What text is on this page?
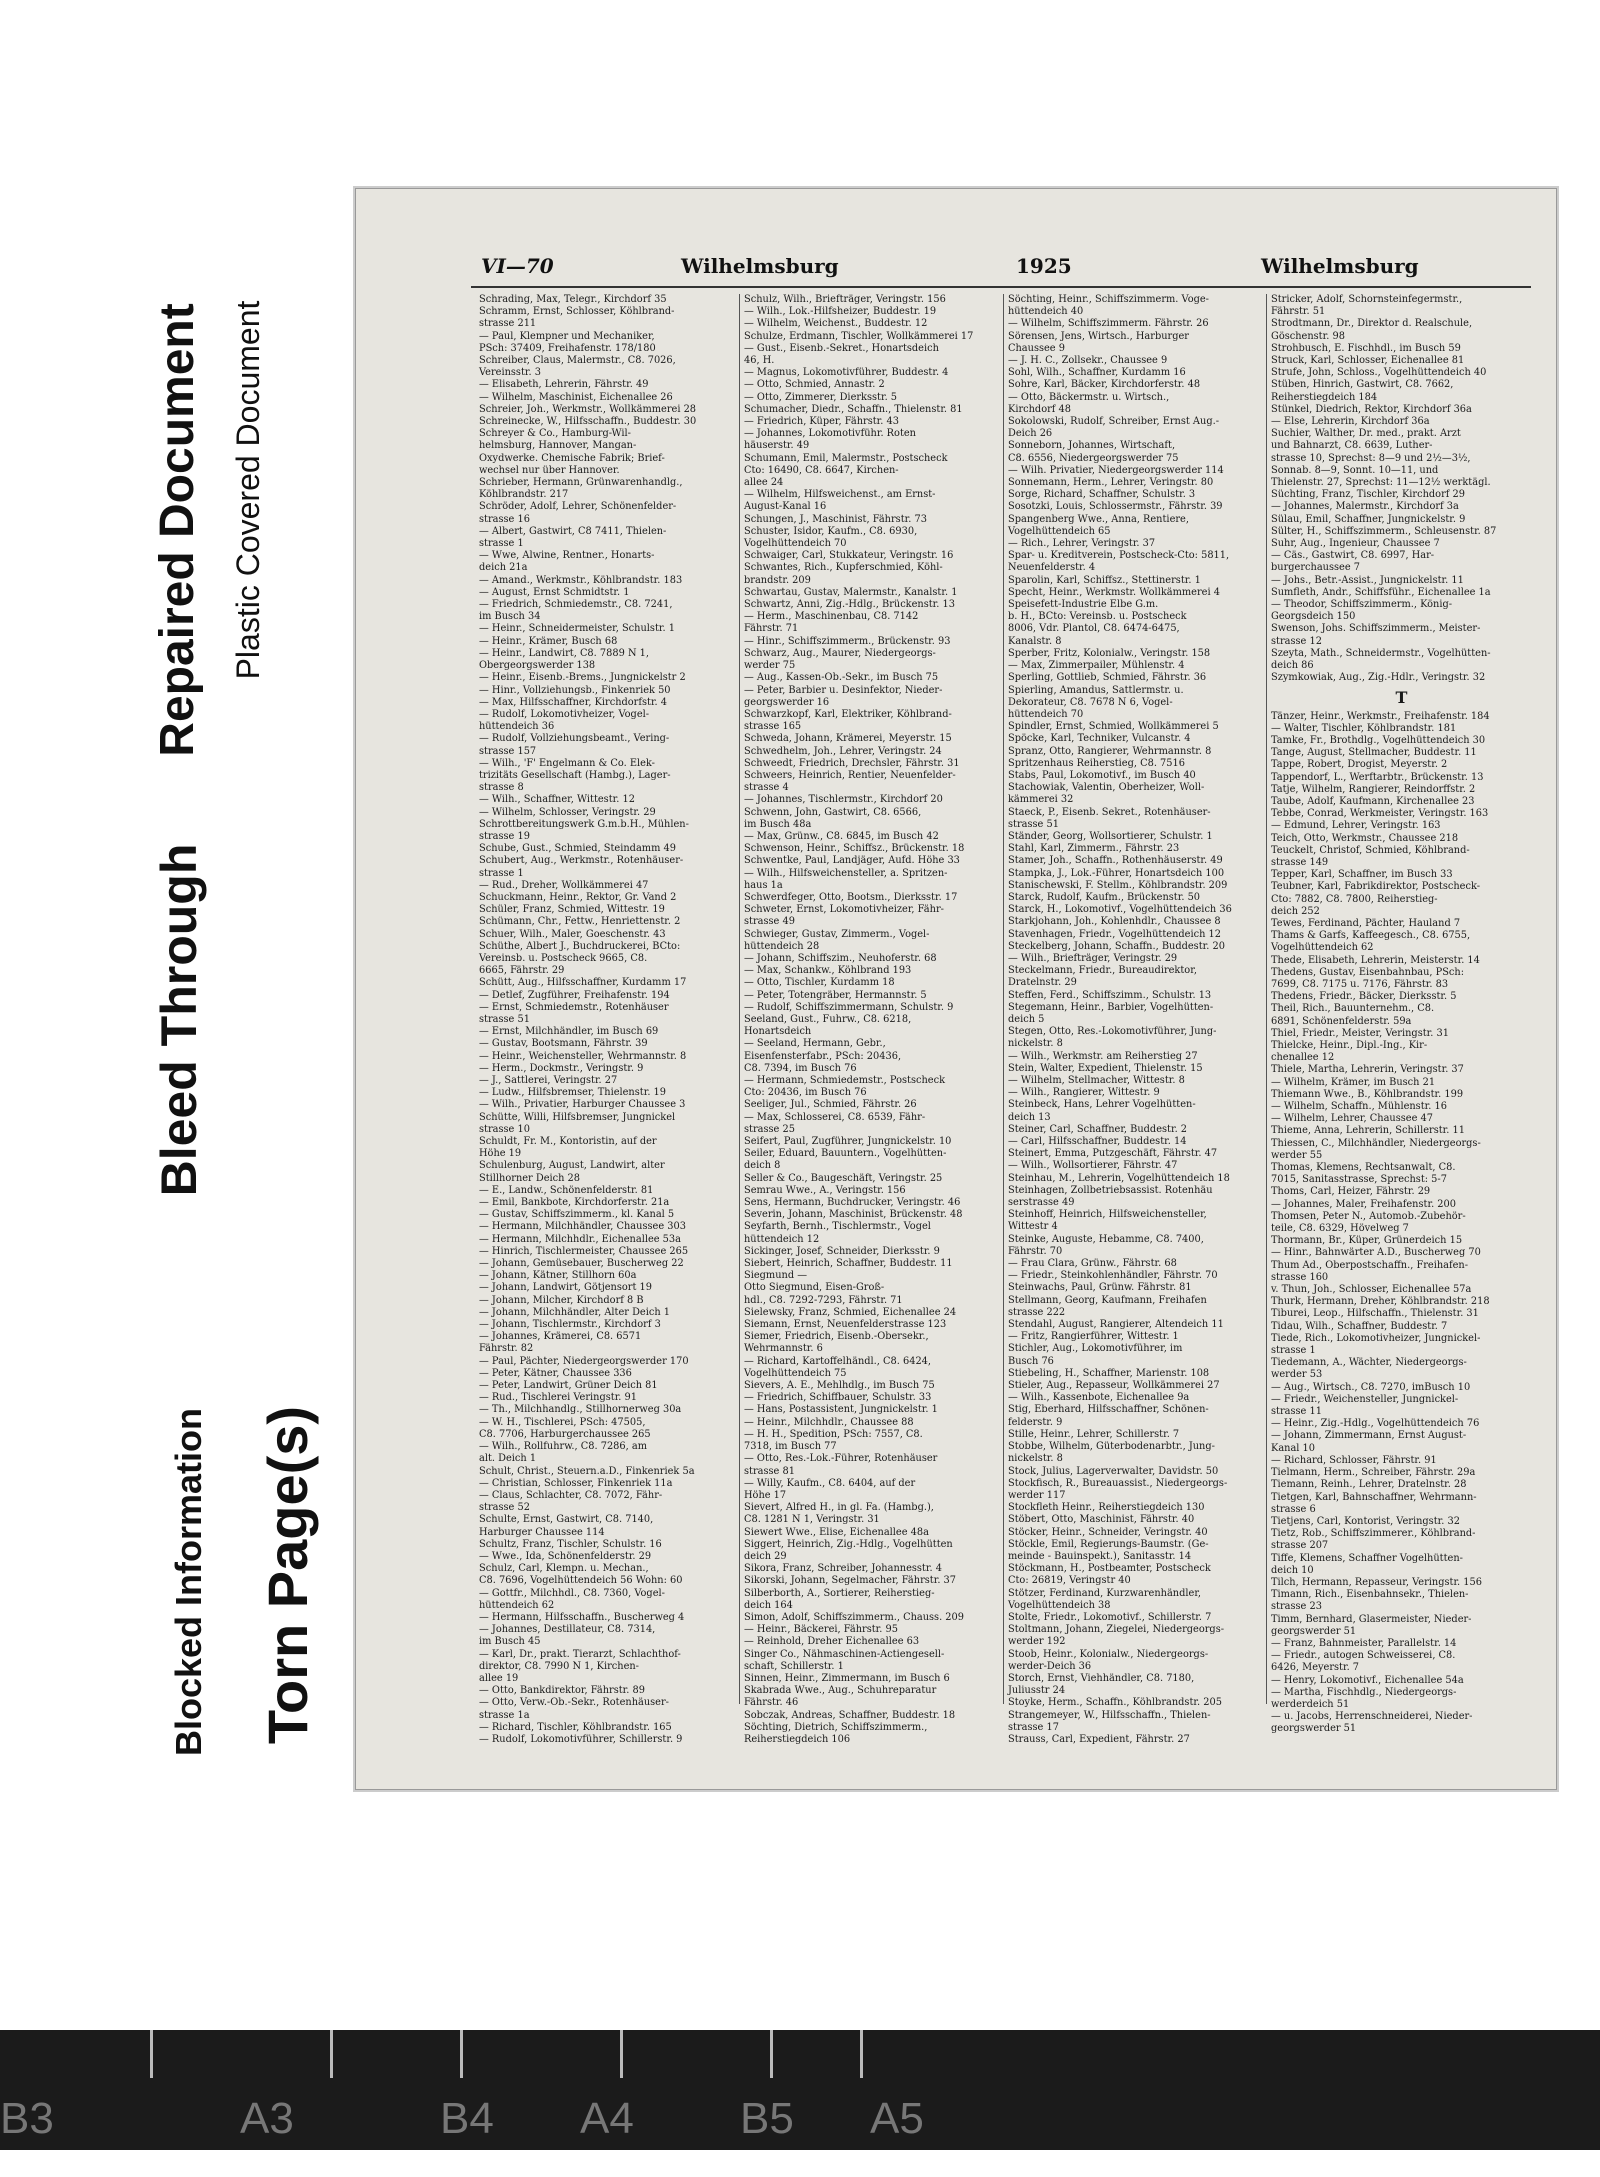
Repaired Document Plastic Covered Document
Bleed Through
Blocked Information Torn Page(s)
VI—70	Wilhelmsburg	1925	Wilhelmsburg

Schrading, Max, Telegr., Kirchdorf 35

Schramm, Ernst, Schlosser, Köhlbrand-

strasse 211

— Paul, Klempner und Mechaniker,

PSch: 37409, Freihafenstr. 178/180

Schreiber, Claus, Malermstr., C8. 7026,

Vereinsstr. 3

— Elisabeth, Lehrerin, Fährstr. 49

— Wilhelm, Maschinist, Eichenallee 26

Schreier, Joh., Werkmstr., Wollkämmerei 28

Schreinecke, W., Hilfsschaffn., Buddestr. 30

Schreyer & Co., Hamburg-Wil-

helmsburg, Hannover, Mangan-

Oxydwerke. Chemische Fabrik; Brief-

wechsel nur über Hannover.

Schrieber, Hermann, Grünwarenhandlg.,

Köhlbrandstr. 217

Schröder, Adolf, Lehrer, Schönenfelder-

strasse 16

— Albert, Gastwirt, C8 7411, Thielen-

strasse 1

— Wwe, Alwine, Rentner., Honarts-

deich 21a

— Amand., Werkmstr., Köhlbrandstr. 183

— August, Ernst Schmidtstr. 1

— Friedrich, Schmiedemstr., C8. 7241,

im Busch 34

— Heinr., Schneidermeister, Schulstr. 1

— Heinr., Krämer, Busch 68

— Heinr., Landwirt, C8. 7889 N 1,

Obergeorgswerder 138

— Heinr., Eisenb.-Brems., Jungnickelstr 2

— Hinr., Vollziehungsb., Finkenriek 50

— Max, Hilfsschaffner, Kirchdorfstr. 4

— Rudolf, Lokomotivheizer, Vogel-

hüttendeich 36

— Rudolf, Vollziehungsbeamt., Vering-

strasse 157

— Wilh., 'F' Engelmann & Co. Elek-

trizitäts Gesellschaft (Hambg.), Lager-

strasse 8

— Wilh., Schaffner, Wittestr. 12

— Wilhelm, Schlosser, Veringstr. 29

Schrottbereitungswerk G.m.b.H., Mühlen-

strasse 19

Schube, Gust., Schmied, Steindamm 49

Schubert, Aug., Werkmstr., Rotenhäuser-

strasse 1

— Rud., Dreher, Wollkämmerei 47

Schuckmann, Heinr., Rektor, Gr. Vand 2

Schüler, Franz, Schmied, Wittestr. 19

Schümann, Chr., Fettw., Henriettenstr. 2

Schuer, Wilh., Maler, Goeschenstr. 43

Schüthe, Albert J., Buchdruckerei, BCto:

Vereinsb. u. Postscheck 9665, C8.

6665, Fährstr. 29

Schütt, Aug., Hilfsschaffner, Kurdamm 17

— Detlef, Zugführer, Freihafenstr. 194

— Ernst, Schmiedemstr., Rotenhäuser

strasse 51

— Ernst, Milchhändler, im Busch 69

— Gustav, Bootsmann, Fährstr. 39

— Heinr., Weichensteller, Wehrmannstr. 8

— Herm., Dockmstr., Veringstr. 9

— J., Sattlerei, Veringstr. 27

— Ludw., Hilfsbremser, Thielenstr. 19

— Wilh., Privatier, Harburger Chaussee 3

Schütte, Willi, Hilfsbremser, Jungnickel

strasse 10

Schuldt, Fr. M., Kontoristin, auf der

Höhe 19

Schulenburg, August, Landwirt, alter

Stillhorner Deich 28

— E., Landw., Schönenfelderstr. 81

— Emil, Bankbote, Kirchdorferstr. 21a

— Gustav, Schiffszimmerm., kl. Kanal 5

— Hermann, Milchhändler, Chaussee 303

— Hermann, Milchhdlr., Eichenallee 53a

— Hinrich, Tischlermeister, Chaussee 265

— Johann, Gemüsebauer, Buscherweg 22

— Johann, Kätner, Stillhorn 60a

— Johann, Landwirt, Götjensort 19

— Johann, Milcher, Kirchdorf 8 B

— Johann, Milchhändler, Alter Deich 1

— Johann, Tischlermstr., Kirchdorf 3

— Johannes, Krämerei, C8. 6571

Fährstr. 82

— Paul, Pächter, Niedergeorgswerder 170

— Peter, Kätner, Chaussee 336

— Peter, Landwirt, Grüner Deich 81

— Rud., Tischlerei Veringstr. 91

— Th., Milchhandlg., Stillhornerweg 30a

— W. H., Tischlerei, PSch: 47505,

C8. 7706, Harburgerchaussee 265

— Wilh., Rollfuhrw., C8. 7286, am

alt. Deich 1

Schult, Christ., Steuern.a.D., Finkenriek 5a

— Christian, Schlosser, Finkenriek 11a

— Claus, Schlachter, C8. 7072, Fähr-

strasse 52

Schulte, Ernst, Gastwirt, C8. 7140,

Harburger Chaussee 114

Schultz, Franz, Tischler, Schulstr. 16

— Wwe., Ida, Schönenfelderstr. 29

Schulz, Carl, Klempn. u. Mechan.,

C8. 7696, Vogelhüttendeich 56 Wohn: 60

— Gottfr., Milchhdl., C8. 7360, Vogel-

hüttendeich 62

— Hermann, Hilfsschaffn., Buscherweg 4

— Johannes, Destillateur, C8. 7314,

im Busch 45

— Karl, Dr., prakt. Tierarzt, Schlachthof-

direktor, C8. 7990 N 1, Kirchen-

allee 19

— Otto, Bankdirektor, Fährstr. 89

— Otto, Verw.-Ob.-Sekr., Rotenhäuser-

strasse 1a

— Richard, Tischler, Köhlbrandstr. 165

— Rudolf, Lokomotivführer, Schillerstr. 9

Schulz, Wilh., Briefträger, Veringstr. 156

— Wilh., Lok.-Hilfsheizer, Buddestr. 19

— Wilhelm, Weichenst., Buddestr. 12

Schulze, Erdmann, Tischler, Wollkämmerei 17

— Gust., Eisenb.-Sekret., Honartsdeich

46, H.

— Magnus, Lokomotivführer, Buddestr. 4

— Otto, Schmied, Annastr. 2

— Otto, Zimmerer, Dierksstr. 5

Schumacher, Diedr., Schaffn., Thielenstr. 81

— Friedrich, Küper, Fährstr. 43

— Johannes, Lokomotivführ. Roten

häuserstr. 49

Schumann, Emil, Malermstr., Postscheck

Cto: 16490, C8. 6647, Kirchen-

allee 24

— Wilhelm, Hilfsweichenst., am Ernst-

August-Kanal 16

Schungen, J., Maschinist, Fährstr. 73

Schuster, Isidor, Kaufm., C8. 6930,

Vogelhüttendeich 70

Schwaiger, Carl, Stukkateur, Veringstr. 16

Schwantes, Rich., Kupferschmied, Köhl-

brandstr. 209

Schwartau, Gustav, Malermstr., Kanalstr. 1

Schwartz, Anni, Zig.-Hdlg., Brückenstr. 13

— Herm., Maschinenbau, C8. 7142

Fährstr. 71

— Hinr., Schiffszimmerm., Brückenstr. 93

Schwarz, Aug., Maurer, Niedergeorgs-

werder 75

— Aug., Kassen-Ob.-Sekr., im Busch 75

— Peter, Barbier u. Desinfektor, Nieder-

georgswerder 16

Schwarzkopf, Karl, Elektriker, Köhlbrand-

strasse 165

Schweda, Johann, Krämerei, Meyerstr. 15

Schwedhelm, Joh., Lehrer, Veringstr. 24

Schweedt, Friedrich, Drechsler, Fährstr. 31

Schweers, Heinrich, Rentier, Neuenfelder-

strasse 4

— Johannes, Tischlermstr., Kirchdorf 20

Schwenn, John, Gastwirt, C8. 6566,

im Busch 48a

— Max, Grünw., C8. 6845, im Busch 42

Schwenson, Heinr., Schiffsz., Brückenstr. 18

Schwentke, Paul, Landjäger, Aufd. Höhe 33

— Wilh., Hilfsweichensteller, a. Spritzen-

haus 1a

Schwerdfeger, Otto, Bootsm., Dierksstr. 17

Schweter, Ernst, Lokomotivheizer, Fähr-

strasse 49

Schwieger, Gustav, Zimmerm., Vogel-

hüttendeich 28

— Johann, Schiffszim., Neuhoferstr. 68

— Max, Schankw., Köhlbrand 193

— Otto, Tischler, Kurdamm 18

— Peter, Totengräber, Hermannstr. 5

— Rudolf, Schiffszimmermann, Schulstr. 9

Seeland, Gust., Fuhrw., C8. 6218,

Honartsdeich

— Seeland, Hermann, Gebr.,

Eisenfensterfabr., PSch: 20436,

C8. 7394, im Busch 76

— Hermann, Schmiedemstr., Postscheck

Cto: 20436, im Busch 76

Seeliger, Jul., Schmied, Fährstr. 26

— Max, Schlosserei, C8. 6539, Fähr-

strasse 25

Seifert, Paul, Zugführer, Jungnickelstr. 10

Seiler, Eduard, Bauuntern., Vogelhütten-

deich 8

Seller & Co., Baugeschäft, Veringstr. 25

Semrau Wwe., A., Veringstr. 156

Sens, Hermann, Buchdrucker, Veringstr. 46

Severin, Johann, Maschinist, Brückenstr. 48

Seyfarth, Bernh., Tischlermstr., Vogel

hüttendeich 12

Sickinger, Josef, Schneider, Dierksstr. 9

Siebert, Heinrich, Schaffner, Buddestr. 11

Siegmund —

Otto Siegmund, Eisen-Groß-

hdl., C8. 7292-7293, Fährstr. 71

Sielewsky, Franz, Schmied, Eichenallee 24

Siemann, Ernst, Neuenfelderstrasse 123

Siemer, Friedrich, Eisenb.-Obersekr.,

Wehrmannstr. 6

— Richard, Kartoffelhändl., C8. 6424,

Vogelhüttendeich 75

Sievers, A. E., Mehlhdlg., im Busch 75

— Friedrich, Schiffbauer, Schulstr. 33

— Hans, Postassistent, Jungnickelstr. 1

— Heinr., Milchhdlr., Chaussee 88

— H. H., Spedition, PSch: 7557, C8.

7318, im Busch 77

— Otto, Res.-Lok.-Führer, Rotenhäuser

strasse 81

— Willy, Kaufm., C8. 6404, auf der

Höhe 17

Sievert, Alfred H., in gl. Fa. (Hambg.),

C8. 1281 N 1, Veringstr. 31

Siewert Wwe., Elise, Eichenallee 48a

Siggert, Heinrich, Zig.-Hdlg., Vogelhütten

deich 29

Sikora, Franz, Schreiber, Johannesstr. 4

Sikorski, Johann, Segelmacher, Fährstr. 37

Silberborth, A., Sortierer, Reiherstieg-

deich 164

Simon, Adolf, Schiffszimmerm., Chauss. 209

— Heinr., Bäckerei, Fährstr. 95

— Reinhold, Dreher Eichenallee 63

Singer Co., Nähmaschinen-Actiengesell-

schaft, Schillerstr. 1

Sinnen, Heinr., Zimmermann, im Busch 6

Skabrada Wwe., Aug., Schuhreparatur

Fährstr. 46

Sobczak, Andreas, Schaffner, Buddestr. 18

Söchting, Dietrich, Schiffszimmerm.,

Reiherstiegdeich 106

Söchting, Heinr., Schiffszimmerm. Voge-

hüttendeich 40

— Wilhelm, Schiffszimmerm. Fährstr. 26

Sörensen, Jens, Wirtsch., Harburger

Chaussee 9

— J. H. C., Zollsekr., Chaussee 9

Sohl, Wilh., Schaffner, Kurdamm 16

Sohre, Karl, Bäcker, Kirchdorferstr. 48

— Otto, Bäckermstr. u. Wirtsch.,

Kirchdorf 48

Sokolowski, Rudolf, Schreiber, Ernst Aug.-

Deich 26

Sonneborn, Johannes, Wirtschaft,

C8. 6556, Niedergeorgswerder 75

— Wilh. Privatier, Niedergeorgswerder 114

Sonnemann, Herm., Lehrer, Veringstr. 80

Sorge, Richard, Schaffner, Schulstr. 3

Sosotzki, Louis, Schlossermstr., Fährstr. 39

Spangenberg Wwe., Anna, Rentiere,

Vogelhüttendeich 65

— Rich., Lehrer, Veringstr. 37

Spar- u. Kreditverein, Postscheck-Cto: 5811,

Neuenfelderstr. 4

Sparolin, Karl, Schiffsz., Stettinerstr. 1

Specht, Heinr., Werkmstr. Wollkämmerei 4

Speisefett-Industrie Elbe G.m.

b. H., BCto: Vereinsb. u. Postscheck

8006, Vdr. Plantol, C8. 6474-6475,

Kanalstr. 8

Sperber, Fritz, Kolonialw., Veringstr. 158

— Max, Zimmerpailer, Mühlenstr. 4

Sperling, Gottlieb, Schmied, Fährstr. 36

Spierling, Amandus, Sattlermstr. u.

Dekorateur, C8. 7678 N 6, Vogel-

hüttendeich 70

Spindler, Ernst, Schmied, Wollkämmerei 5

Spöcke, Karl, Techniker, Vulcanstr. 4

Spranz, Otto, Rangierer, Wehrmannstr. 8

Spritzenhaus Reiherstieg, C8. 7516

Stabs, Paul, Lokomotivf., im Busch 40

Stachowiak, Valentin, Oberheizer, Woll-

kämmerei 32

Staeck, P., Eisenb. Sekret., Rotenhäuser-

strasse 51

Ständer, Georg, Wollsortierer, Schulstr. 1

Stahl, Karl, Zimmerm., Fährstr. 23

Stamer, Joh., Schaffn., Rothenhäuserstr. 49

Stampka, J., Lok.-Führer, Honartsdeich 100

Stanischewski, F. Stellm., Köhlbrandstr. 209

Starck, Rudolf, Kaufm., Brückenstr. 50

Starck, H., Lokomotivf., Vogelhüttendeich 36

Starkjohann, Joh., Kohlenhdlr., Chaussee 8

Stavenhagen, Friedr., Vogelhüttendeich 12

Steckelberg, Johann, Schaffn., Buddestr. 20

— Wilh., Briefträger, Veringstr. 29

Steckelmann, Friedr., Bureaudirektor,

Dratelnstr. 29

Steffen, Ferd., Schiffszimm., Schulstr. 13

Stegemann, Heinr., Barbier, Vogelhütten-

deich 5

Stegen, Otto, Res.-Lokomotivführer, Jung-

nickelstr. 8

— Wilh., Werkmstr. am Reiherstieg 27

Stein, Walter, Expedient, Thielenstr. 15

— Wilhelm, Stellmacher, Wittestr. 8

— Wilh., Rangierer, Wittestr. 9

Steinbeck, Hans, Lehrer Vogelhütten-

deich 13

Steiner, Carl, Schaffner, Buddestr. 2

— Carl, Hilfsschaffner, Buddestr. 14

Steinert, Emma, Putzgeschäft, Fährstr. 47

— Wilh., Wollsortierer, Fährstr. 47

Steinhau, M., Lehrerin, Vogelhüttendeich 18

Steinhagen, Zollbetriebsassist. Rotenhäu

serstrasse 49

Steinhoff, Heinrich, Hilfsweichensteller,

Wittestr 4

Steinke, Auguste, Hebamme, C8. 7400,

Fährstr. 70

— Frau Clara, Grünw., Fährstr. 68

— Friedr., Steinkohlenhändler, Fährstr. 70

Steinwachs, Paul, Grünw. Fährstr. 81

Stellmann, Georg, Kaufmann, Freihafen

strasse 222

Stendahl, August, Rangierer, Altendeich 11

— Fritz, Rangierführer, Wittestr. 1

Stichler, Aug., Lokomotivführer, im

Busch 76

Stiebeling, H., Schaffner, Marienstr. 108

Stieler, Aug., Repasseur, Wollkämmerei 27

— Wilh., Kassenbote, Eichenallee 9a

Stig, Eberhard, Hilfsschaffner, Schönen-

felderstr. 9

Stille, Heinr., Lehrer, Schillerstr. 7

Stobbe, Wilhelm, Güterbodenarbtr., Jung-

nickelstr. 8

Stock, Julius, Lagerverwalter, Davidstr. 50

Stockfisch, R., Bureauassist., Niedergeorgs-

werder 117

Stockfleth Heinr., Reiherstiegdeich 130

Stöbert, Otto, Maschinist, Fährstr. 40

Stöcker, Heinr., Schneider, Veringstr. 40

Stöckle, Emil, Regierungs-Baumstr. (Ge-

meinde - Bauinspekt.), Sanitasstr. 14

Stöckmann, H., Postbeamter, Postscheck

Cto: 26819, Veringstr 40

Stötzer, Ferdinand, Kurzwarenhändler,

Vogelhüttendeich 38

Stolte, Friedr., Lokomotivf., Schillerstr. 7

Stoltmann, Johann, Ziegelei, Niedergeorgs-

werder 192

Stoob, Heinr., Kolonialw., Niedergeorgs-

werder-Deich 36

Storch, Ernst, Viehhändler, C8. 7180,

Juliusstr 24

Stoyke, Herm., Schaffn., Köhlbrandstr. 205

Strangemeyer, W., Hilfsschaffn., Thielen-

strasse 17

Strauss, Carl, Expedient, Fährstr. 27

Stricker, Adolf, Schornsteinfegermstr.,

Fährstr. 51

Strodtmann, Dr., Direktor d. Realschule,

Göschenstr. 98

Strohbusch, E. Fischhdl., im Busch 59

Struck, Karl, Schlosser, Eichenallee 81

Strufe, John, Schloss., Vogelhüttendeich 40

Stüben, Hinrich, Gastwirt, C8. 7662,

Reiherstiegdeich 184

Stünkel, Diedrich, Rektor, Kirchdorf 36a

— Else, Lehrerin, Kirchdorf 36a

Suchier, Walther, Dr. med., prakt. Arzt

und Bahnarzt, C8. 6639, Luther-

strasse 10, Sprechst: 8—9 und 2½—3½,

Sonnab. 8—9, Sonnt. 10—11, und

Thielenstr. 27, Sprechst: 11—12½ werktägl.

Süchting, Franz, Tischler, Kirchdorf 29

— Johannes, Malermstr., Kirchdorf 3a

Sülau, Emil, Schaffner, Jungnickelstr. 9

Sülter, H., Schiffszimmerm., Schleusenstr. 87

Suhr, Aug., Ingenieur, Chaussee 7

— Cäs., Gastwirt, C8. 6997, Har-

burgerchaussee 7

— Johs., Betr.-Assist., Jungnickelstr. 11

Sumfleth, Andr., Schiffsführ., Eichenallee 1a

— Theodor, Schiffszimmerm., König-

Georgsdeich 150

Swenson, Johs. Schiffszimmerm., Meister-

strasse 12

Szeyta, Math., Schneidermstr., Vogelhütten-

deich 86

Szymkowiak, Aug., Zig.-Hdlr., Veringstr. 32

T

Tänzer, Heinr., Werkmstr., Freihafenstr. 184

— Walter, Tischler, Köhlbrandstr. 181

Tamke, Fr., Brothdlg., Vogelhüttendeich 30

Tange, August, Stellmacher, Buddestr. 11

Tappe, Robert, Drogist, Meyerstr. 2

Tappendorf, L., Werftarbtr., Brückenstr. 13

Tatje, Wilhelm, Rangierer, Reindorffstr. 2

Taube, Adolf, Kaufmann, Kirchenallee 23

Tebbe, Conrad, Werkmeister, Veringstr. 163

— Edmund, Lehrer, Veringstr. 163

Teich, Otto, Werkmstr., Chaussee 218

Teuckelt, Christof, Schmied, Köhlbrand-

strasse 149

Tepper, Karl, Schaffner, im Busch 33

Teubner, Karl, Fabrikdirektor, Postscheck-

Cto: 7882, C8. 7800, Reiherstieg-

deich 252

Tewes, Ferdinand, Pächter, Hauland 7

Thams & Garfs, Kaffeegesch., C8. 6755,

Vogelhüttendeich 62

Thede, Elisabeth, Lehrerin, Meisterstr. 14

Thedens, Gustav, Eisenbahnbau, PSch:

7699, C8. 7175 u. 7176, Fährstr. 83

Thedens, Friedr., Bäcker, Dierksstr. 5

Theil, Rich., Bauunternehm., C8.

6891, Schönenfelderstr. 59a

Thiel, Friedr., Meister, Veringstr. 31

Thielcke, Heinr., Dipl.-Ing., Kir-

chenallee 12

Thiele, Martha, Lehrerin, Veringstr. 37

— Wilhelm, Krämer, im Busch 21

Thiemann Wwe., B., Köhlbrandstr. 199

— Wilhelm, Schaffn., Mühlenstr. 16

— Wilhelm, Lehrer, Chaussee 47

Thieme, Anna, Lehrerin, Schillerstr. 11

Thiessen, C., Milchhändler, Niedergeorgs-

werder 55

Thomas, Klemens, Rechtsanwalt, C8.

7015, Sanitasstrasse, Sprechst: 5-7

Thoms, Carl, Heizer, Fährstr. 29

— Johannes, Maler, Freihafenstr. 200

Thomsen, Peter N., Automob.-Zubehör-

teile, C8. 6329, Hövelweg 7

Thormann, Br., Küper, Grünerdeich 15

— Hinr., Bahnwärter A.D., Buscherweg 70

Thum Ad., Oberpostschaffn., Freihafen-

strasse 160

v. Thun, Joh., Schlosser, Eichenallee 57a

Thurk, Hermann, Dreher, Köhlbrandstr. 218

Tiburei, Leop., Hilfschaffn., Thielenstr. 31

Tidau, Wilh., Schaffner, Buddestr. 7

Tiede, Rich., Lokomotivheizer, Jungnickel-

strasse 1

Tiedemann, A., Wächter, Niedergeorgs-

werder 53

— Aug., Wirtsch., C8. 7270, imBusch 10

— Friedr., Weichensteller, Jungnickel-

strasse 11

— Heinr., Zig.-Hdlg., Vogelhüttendeich 76

— Johann, Zimmermann, Ernst August-

Kanal 10

— Richard, Schlosser, Fährstr. 91

Tielmann, Herm., Schreiber, Fährstr. 29a

Tiemann, Reinh., Lehrer, Dratelnstr. 28

Tietgen, Karl, Bahnschaffner, Wehrmann-

strasse 6

Tietjens, Carl, Kontorist, Veringstr. 32

Tietz, Rob., Schiffszimmerer., Köhlbrand-

strasse 207

Tiffe, Klemens, Schaffner Vogelhütten-

deich 10

Tilch, Hermann, Repasseur, Veringstr. 156

Timann, Rich., Eisenbahnsekr., Thielen-

strasse 23

Timm, Bernhard, Glasermeister, Nieder-

georgswerder 51

— Franz, Bahnmeister, Parallelstr. 14

— Friedr., autogen Schweisserei, C8.

6426, Meyerstr. 7

— Henry, Lokomotivf., Eichenallee 54a

— Martha, Fischhdlg., Niedergeorgs-

werderdeich 51

— u. Jacobs, Herrenschneiderei, Nieder-

georgswerder 51

B3	A3	B4 A4 B5 A5
